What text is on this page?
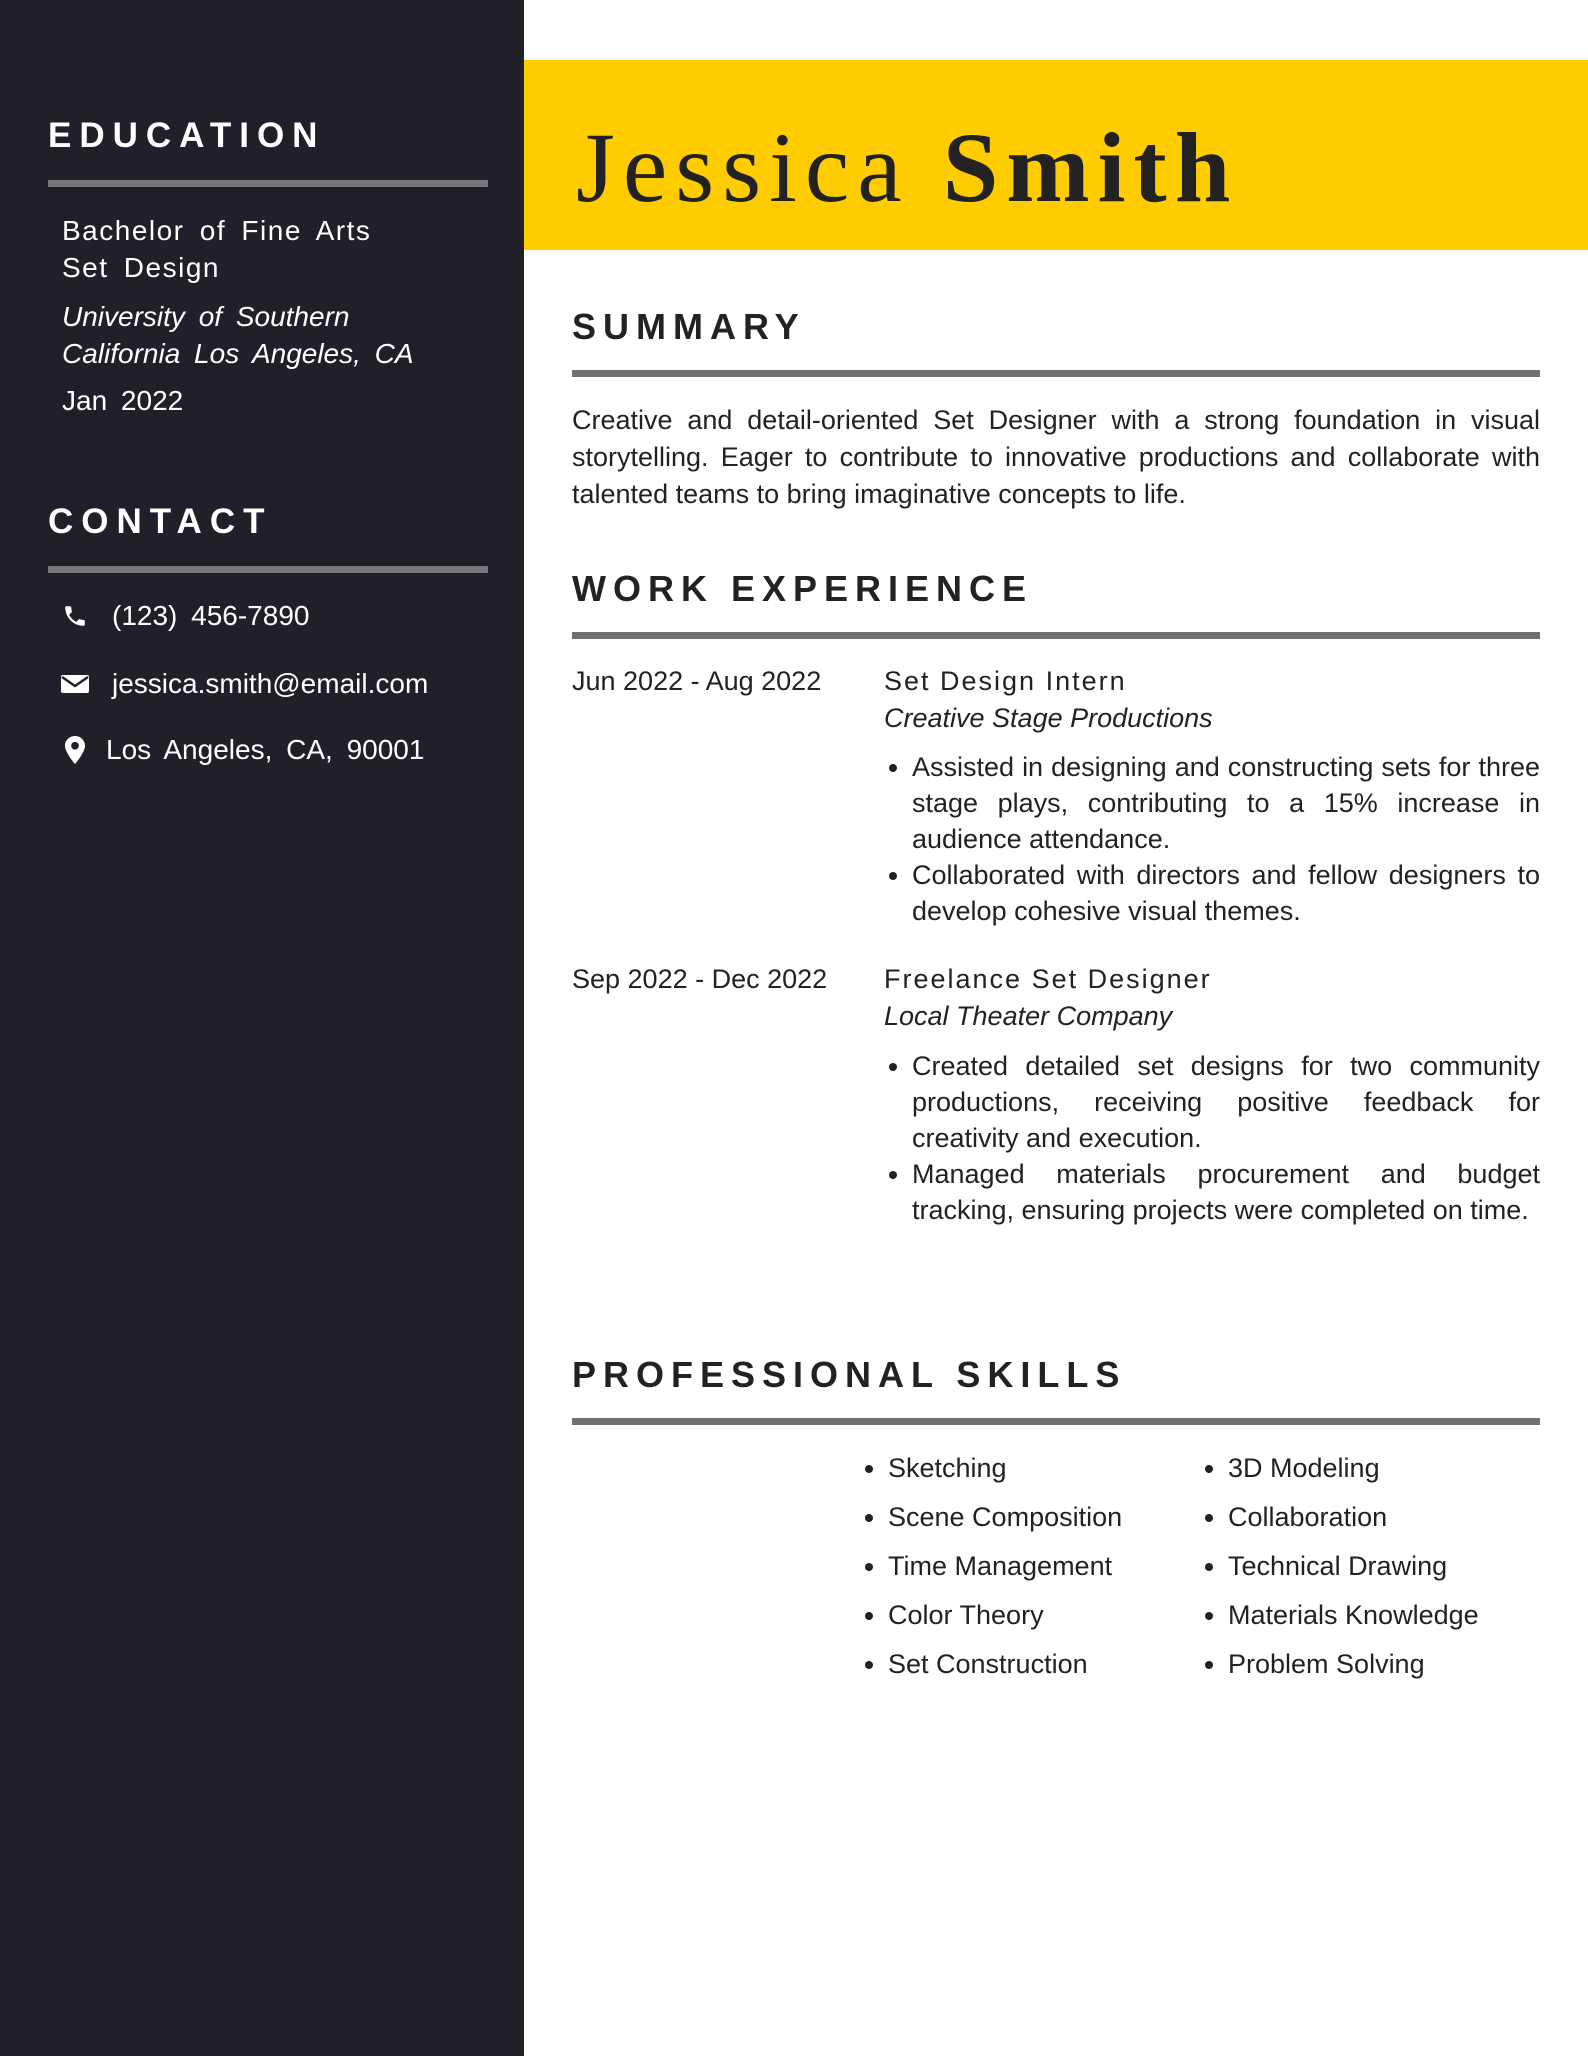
EDUCATION

Bachelor of Fine Arts
Set Design

University of Southern
California Los Angeles, CA

Jan 2022

CONTACT
(123) 456-7890
jessica.smith@email.com
Los Angeles, CA, 90001
Jessica Smith
SUMMARY

Creative and detail-oriented Set Designer with a strong foundation in visual storytelling. Eager to contribute to innovative productions and collaborate with talented teams to bring imaginative concepts to life.

WORK EXPERIENCE
Jun 2022 - Aug 2022 Set Design Intern
Creative Stage Productions
• Assisted in designing and constructing sets for three stage plays, contributing to a 15% increase in audience attendance.
• Collaborated with directors and fellow designers to develop cohesive visual themes.
Sep 2022 - Dec 2022 Freelance Set Designer
Local Theater Company
• Created detailed set designs for two community productions, receiving positive feedback for creativity and execution.
• Managed materials procurement and budget tracking, ensuring projects were completed on time.
PROFESSIONAL SKILLS
• Sketching
• Scene Composition
• Time Management
• Color Theory
• Set Construction
• 3D Modeling
• Collaboration
• Technical Drawing
• Materials Knowledge
• Problem Solving
